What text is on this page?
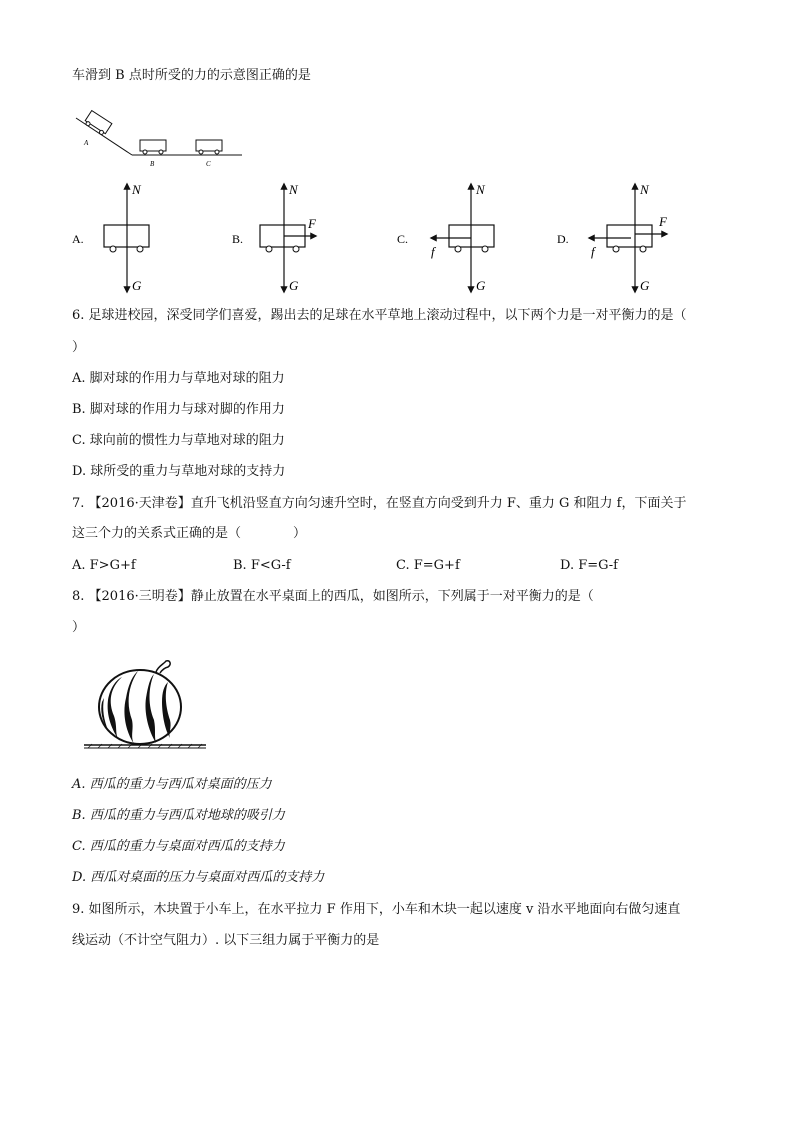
车滑到 B 点时所受的力的示意图正确的是
A
B	C
A.
N
G
B.
N
F
G
C.
N
f
G
D.
N
F
f
G
6. 足球进校园，深受同学们喜爱，踢出去的足球在水平草地上滚动过程中，以下两个力是一对平衡力的是（
）
A. 脚对球的作用力与草地对球的阻力
B. 脚对球的作用力与球对脚的作用力
C. 球向前的惯性力与草地对球的阻力
D. 球所受的重力与草地对球的支持力
7. 【2016·天津卷】直升飞机沿竖直方向匀速升空时，在竖直方向受到升力 F、重力 G 和阻力 f，下面关于
这三个力的关系式正确的是（　　　　）
A. F>G+f	B. F<G-f	C. F=G+f	D. F=G-f
8. 【2016·三明卷】静止放置在水平桌面上的西瓜，如图所示，下列属于一对平衡力的是（
）
A. 西瓜的重力与西瓜对桌面的压力
B. 西瓜的重力与西瓜对地球的吸引力
C. 西瓜的重力与桌面对西瓜的支持力
D. 西瓜对桌面的压力与桌面对西瓜的支持力
9. 如图所示，木块置于小车上，在水平拉力 F 作用下，小车和木块一起以速度 v 沿水平地面向右做匀速直
线运动（不计空气阻力）. 以下三组力属于平衡力的是
